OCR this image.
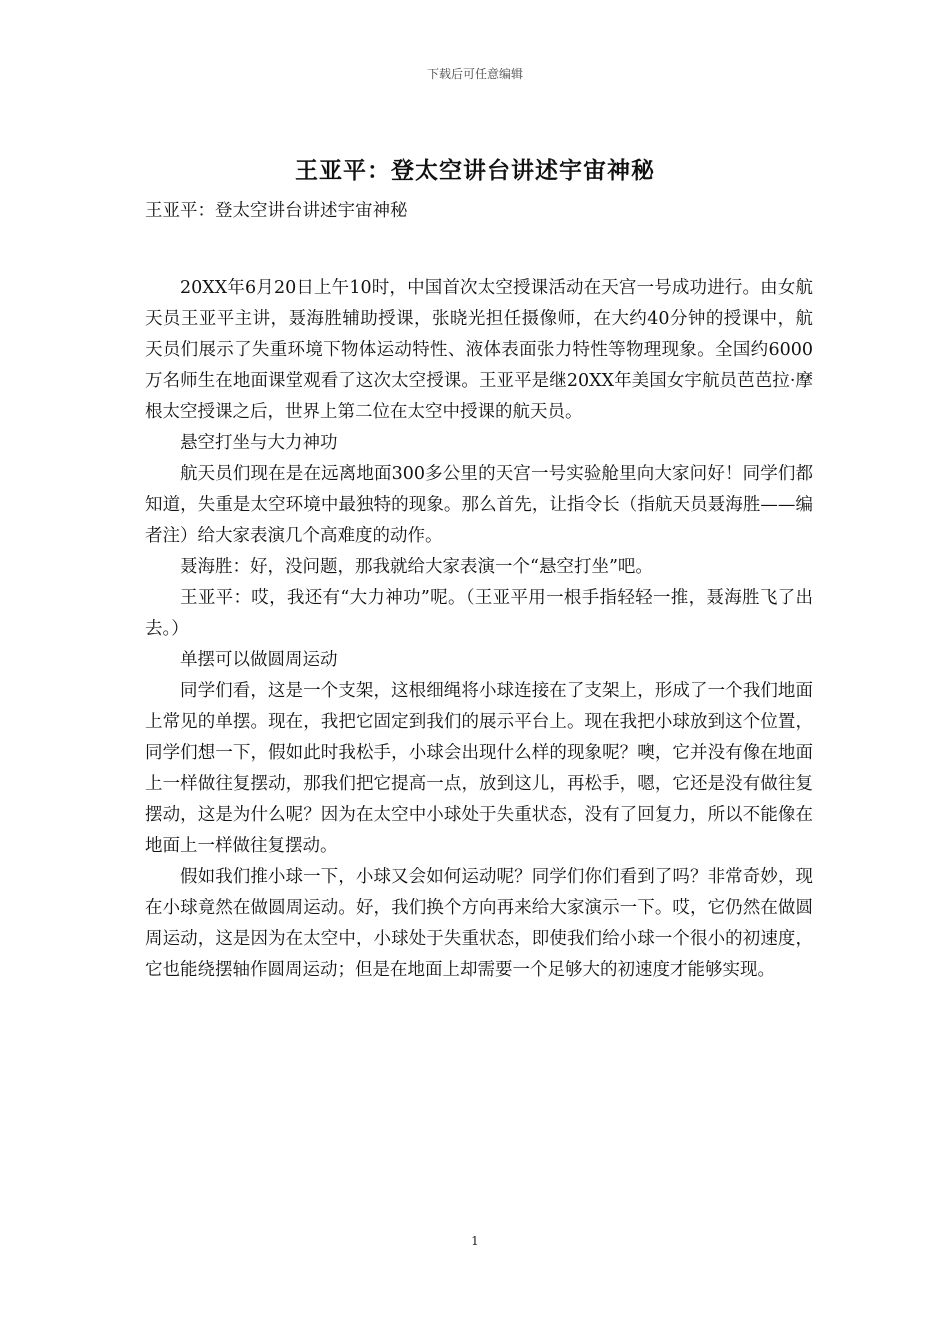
下载后可任意编辑
王亚平：登太空讲台讲述宇宙神秘

王亚平：登太空讲台讲述宇宙神秘

20XX年6月20日上午10时，中国首次太空授课活动在天宫一号成功进行。由女航天员王亚平主讲，聂海胜辅助授课，张晓光担任摄像师，在大约40分钟的授课中，航天员们展示了失重环境下物体运动特性、液体表面张力特性等物理现象。全国约6000万名师生在地面课堂观看了这次太空授课。王亚平是继20XX年美国女宇航员芭芭拉·摩根太空授课之后，世界上第二位在太空中授课的航天员。

悬空打坐与大力神功

航天员们现在是在远离地面300多公里的天宫一号实验舱里向大家问好！同学们都知道，失重是太空环境中最独特的现象。那么首先，让指令长（指航天员聂海胜——编者注）给大家表演几个高难度的动作。

聂海胜：好，没问题，那我就给大家表演一个“悬空打坐”吧。

王亚平：哎，我还有“大力神功”呢。（王亚平用一根手指轻轻一推，聂海胜飞了出去。）

单摆可以做圆周运动

同学们看，这是一个支架，这根细绳将小球连接在了支架上，形成了一个我们地面上常见的单摆。现在，我把它固定到我们的展示平台上。现在我把小球放到这个位置，同学们想一下，假如此时我松手，小球会出现什么样的现象呢？噢，它并没有像在地面上一样做往复摆动，那我们把它提高一点，放到这儿，再松手，嗯，它还是没有做往复摆动，这是为什么呢？因为在太空中小球处于失重状态，没有了回复力，所以不能像在地面上一样做往复摆动。

假如我们推小球一下，小球又会如何运动呢？同学们你们看到了吗？非常奇妙，现在小球竟然在做圆周运动。好，我们换个方向再来给大家演示一下。哎，它仍然在做圆周运动，这是因为在太空中，小球处于失重状态，即使我们给小球一个很小的初速度，它也能绕摆轴作圆周运动；但是在地面上却需要一个足够大的初速度才能够实现。

1
